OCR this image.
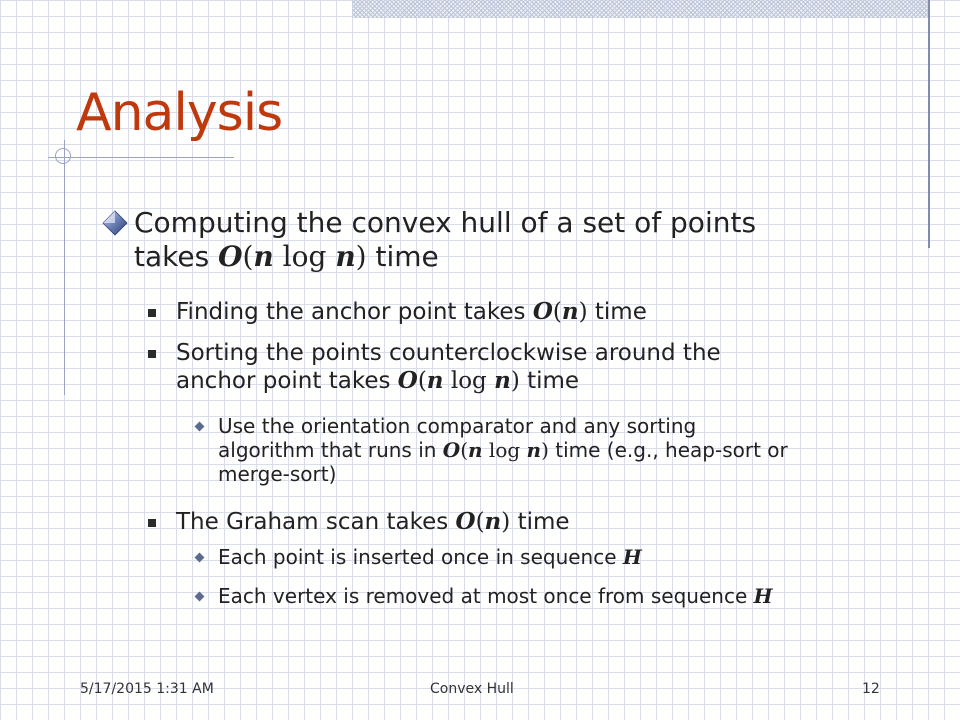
Analysis
Computing the convex hull of a set of points
takes O(n log n) time
Finding the anchor point takes O(n) time
Sorting the points counterclockwise around the
anchor point takes O(n log n) time
Use the orientation comparator and any sorting
algorithm that runs in O(n log n) time (e.g., heap-sort or
merge-sort)
The Graham scan takes O(n) time
Each point is inserted once in sequence H
Each vertex is removed at most once from sequence H
5/17/2015 1:31 AM	Convex Hull	12
